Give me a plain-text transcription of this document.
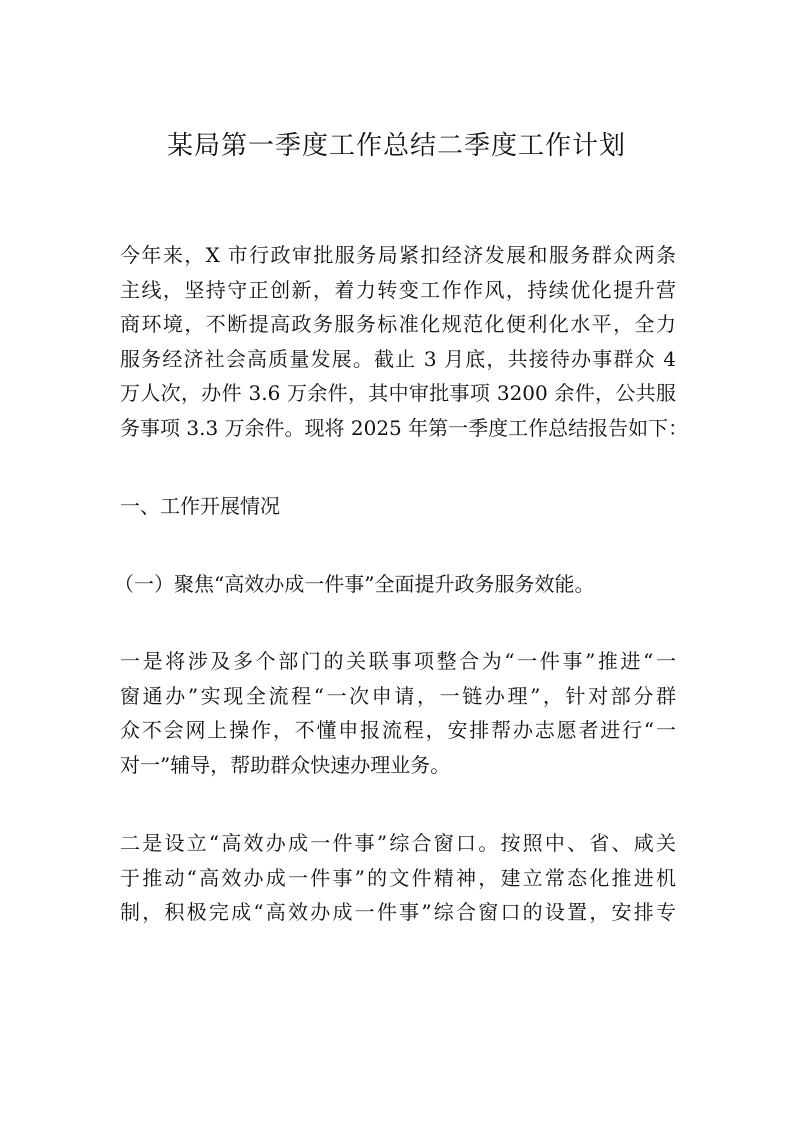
某局第一季度工作总结二季度工作计划

今年来，X 市行政审批服务局紧扣经济发展和服务群众两条
主线，坚持守正创新，着力转变工作作风，持续优化提升营
商环境，不断提高政务服务标准化规范化便利化水平，全力
服务经济社会高质量发展。截止 3 月底，共接待办事群众 4
万人次，办件 3.6 万余件，其中审批事项 3200 余件，公共服
务事项 3.3 万余件。现将 2025 年第一季度工作总结报告如下：

一、工作开展情况

（一）聚焦“高效办成一件事”全面提升政务服务效能。

一是将涉及多个部门的关联事项整合为“一件事”推进“一
窗通办”实现全流程“一次申请，一链办理”，针对部分群
众不会网上操作，不懂申报流程，安排帮办志愿者进行“一
对一”辅导，帮助群众快速办理业务。

二是设立“高效办成一件事”综合窗口。按照中、省、咸关
于推动“高效办成一件事”的文件精神，建立常态化推进机
制，积极完成“高效办成一件事”综合窗口的设置，安排专
